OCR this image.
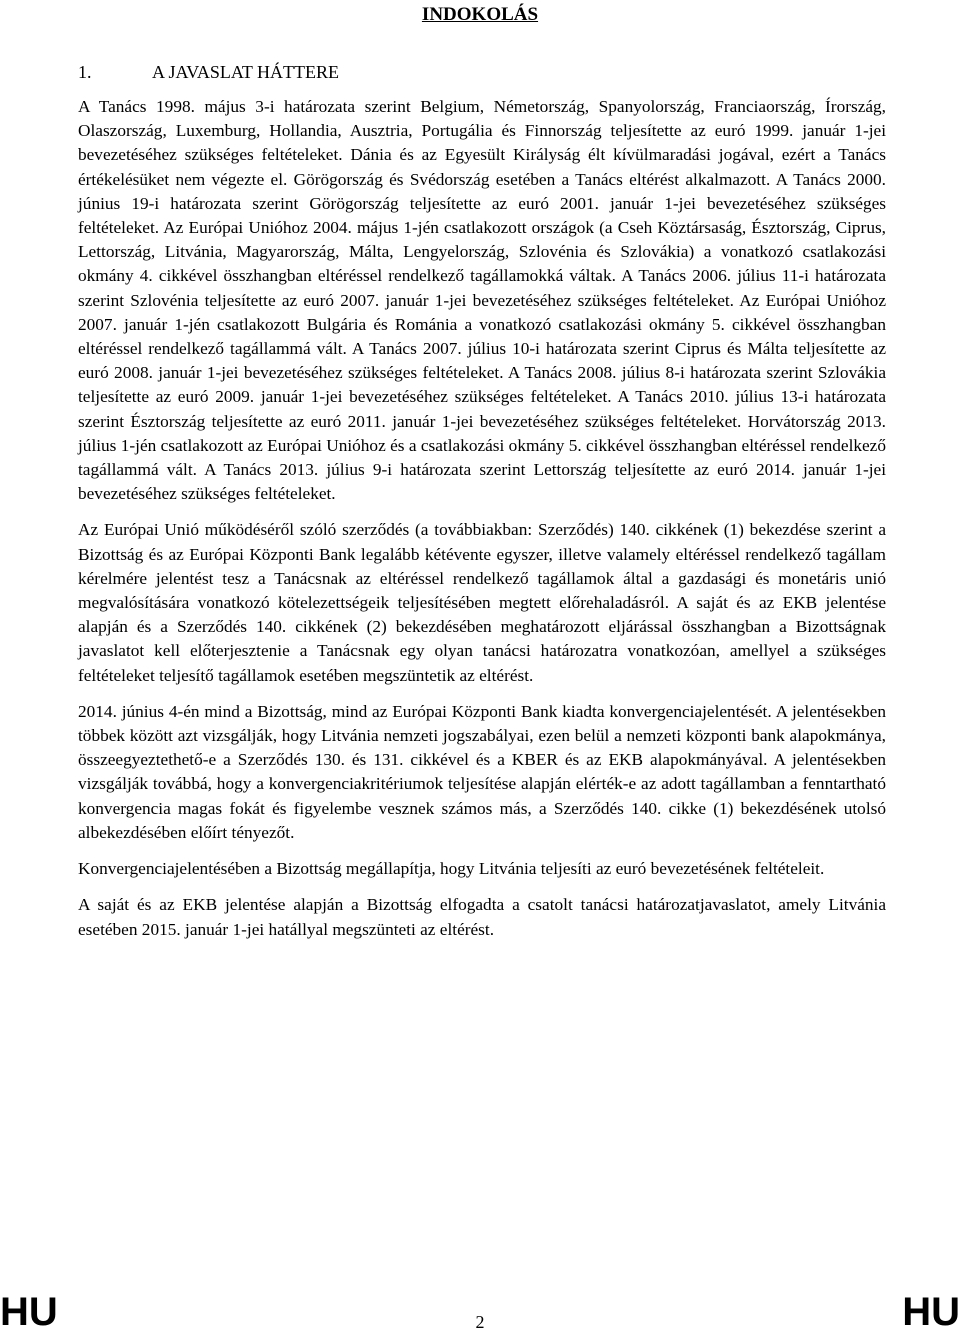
INDOKOLÁS
1.	A JAVASLAT HÁTTERE

A Tanács 1998. május 3-i határozata szerint Belgium, Németország, Spanyolország, Franciaország, Írország, Olaszország, Luxemburg, Hollandia, Ausztria, Portugália és Finnország teljesítette az euró 1999. január 1-jei bevezetéséhez szükséges feltételeket. Dánia és az Egyesült Királyság élt kívülmaradási jogával, ezért a Tanács értékelésüket nem végezte el. Görögország és Svédország esetében a Tanács eltérést alkalmazott. A Tanács 2000. június 19-i határozata szerint Görögország teljesítette az euró 2001. január 1-jei bevezetéséhez szükséges feltételeket. Az Európai Unióhoz 2004. május 1-jén csatlakozott országok (a Cseh Köztársaság, Észtország, Ciprus, Lettország, Litvánia, Magyarország, Málta, Lengyelország, Szlovénia és Szlovákia) a vonatkozó csatlakozási okmány 4. cikkével összhangban eltéréssel rendelkező tagállamokká váltak. A Tanács 2006. július 11-i határozata szerint Szlovénia teljesítette az euró 2007. január 1-jei bevezetéséhez szükséges feltételeket. Az Európai Unióhoz 2007. január 1-jén csatlakozott Bulgária és Románia a vonatkozó csatlakozási okmány 5. cikkével összhangban eltéréssel rendelkező tagállammá vált. A Tanács 2007. július 10-i határozata szerint Ciprus és Málta teljesítette az euró 2008. január 1-jei bevezetéséhez szükséges feltételeket. A Tanács 2008. július 8-i határozata szerint Szlovákia teljesítette az euró 2009. január 1-jei bevezetéséhez szükséges feltételeket. A Tanács 2010. július 13-i határozata szerint Észtország teljesítette az euró 2011. január 1-jei bevezetéséhez szükséges feltételeket. Horvátország 2013. július 1-jén csatlakozott az Európai Unióhoz és a csatlakozási okmány 5. cikkével összhangban eltéréssel rendelkező tagállammá vált. A Tanács 2013. július 9-i határozata szerint Lettország teljesítette az euró 2014. január 1-jei bevezetéséhez szükséges feltételeket.

Az Európai Unió működéséről szóló szerződés (a továbbiakban: Szerződés) 140. cikkének (1) bekezdése szerint a Bizottság és az Európai Központi Bank legalább kétévente egyszer, illetve valamely eltéréssel rendelkező tagállam kérelmére jelentést tesz a Tanácsnak az eltéréssel rendelkező tagállamok által a gazdasági és monetáris unió megvalósítására vonatkozó kötelezettségeik teljesítésében megtett előrehaladásról. A saját és az EKB jelentése alapján és a Szerződés 140. cikkének (2) bekezdésében meghatározott eljárással összhangban a Bizottságnak javaslatot kell előterjesztenie a Tanácsnak egy olyan tanácsi határozatra vonatkozóan, amellyel a szükséges feltételeket teljesítő tagállamok esetében megszüntetik az eltérést.

2014. június 4-én mind a Bizottság, mind az Európai Központi Bank kiadta konvergenciajelentését. A jelentésekben többek között azt vizsgálják, hogy Litvánia nemzeti jogszabályai, ezen belül a nemzeti központi bank alapokmánya, összeegyeztethető-e a Szerződés 130. és 131. cikkével és a KBER és az EKB alapokmányával. A jelentésekben vizsgálják továbbá, hogy a konvergenciakritériumok teljesítése alapján elérték-e az adott tagállamban a fenntartható konvergencia magas fokát és figyelembe vesznek számos más, a Szerződés 140. cikke (1) bekezdésének utolsó albekezdésében előírt tényezőt.

Konvergenciajelentésében a Bizottság megállapítja, hogy Litvánia teljesíti az euró bevezetésének feltételeit.

A saját és az EKB jelentése alapján a Bizottság elfogadta a csatolt tanácsi határozatjavaslatot, amely Litvánia esetében 2015. január 1-jei hatállyal megszünteti az eltérést.

HU	2	HU
